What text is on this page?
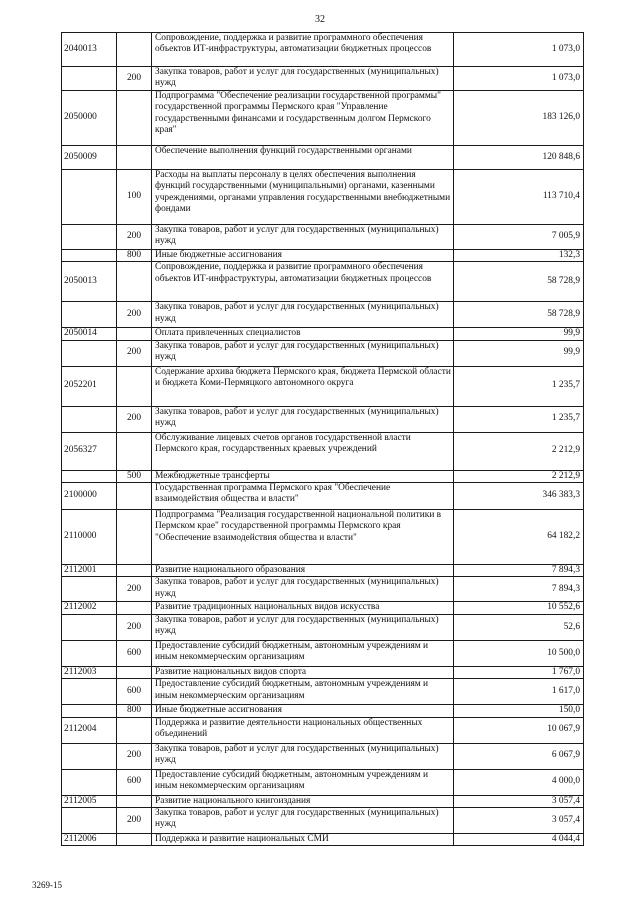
32
2040013		Сопровождение, поддержка и развитие программного обеспечения объектов ИТ-инфраструктуры, автоматизации бюджетных процессов	1 073,0
	200	Закупка товаров, работ и услуг для государственных (муниципальных) нужд	1 073,0
2050000		Подпрограмма "Обеспечение реализации государственной программы" государственной программы Пермского края "Управление государственными финансами и государственным долгом Пермского края"	183 126,0
2050009		Обеспечение выполнения функций государственными органами	120 848,6
	100	Расходы на выплаты персоналу в целях обеспечения выполнения функций государственными (муниципальными) органами, казенными учреждениями, органами управления государственными внебюджетными фондами	113 710,4
	200	Закупка товаров, работ и услуг для государственных (муниципальных) нужд	7 005,9
	800	Иные бюджетные ассигнования	132,3
2050013		Сопровождение, поддержка и развитие программного обеспечения объектов ИТ-инфраструктуры, автоматизации бюджетных процессов	58 728,9
	200	Закупка товаров, работ и услуг для государственных (муниципальных) нужд	58 728,9
2050014		Оплата привлеченных специалистов	99,9
	200	Закупка товаров, работ и услуг для государственных (муниципальных) нужд	99,9
2052201		Содержание архива бюджета Пермского края, бюджета Пермской области и бюджета Коми-Пермяцкого автономного округа	1 235,7
	200	Закупка товаров, работ и услуг для государственных (муниципальных) нужд	1 235,7
2056327		Обслуживание лицевых счетов органов государственной власти Пермского края, государственных краевых учреждений	2 212,9
	500	Межбюджетные трансферты	2 212,9
2100000		Государственная программа Пермского края "Обеспечение взаимодействия общества и власти"	346 383,3
2110000		Подпрограмма "Реализация государственной национальной политики в Пермском крае" государственной программы Пермского края "Обеспечение взаимодействия общества и власти"	64 182,2
2112001		Развитие национального образования	7 894,3
	200	Закупка товаров, работ и услуг для государственных (муниципальных) нужд	7 894,3
2112002		Развитие традиционных национальных видов искусства	10 552,6
	200	Закупка товаров, работ и услуг для государственных (муниципальных) нужд	52,6
	600	Предоставление субсидий бюджетным, автономным учреждениям и иным некоммерческим организациям	10 500,0
2112003		Развитие национальных видов спорта	1 767,0
	600	Предоставление субсидий бюджетным, автономным учреждениям и иным некоммерческим организациям	1 617,0
	800	Иные бюджетные ассигнования	150,0
2112004		Поддержка и развитие деятельности национальных общественных объединений	10 067,9
	200	Закупка товаров, работ и услуг для государственных (муниципальных) нужд	6 067,9
	600	Предоставление субсидий бюджетным, автономным учреждениям и иным некоммерческим организациям	4 000,0
2112005		Развитие национального книгоиздания	3 057,4
	200	Закупка товаров, работ и услуг для государственных (муниципальных) нужд	3 057,4
2112006		Поддержка и развитие национальных СМИ	4 044,4
3269-15
